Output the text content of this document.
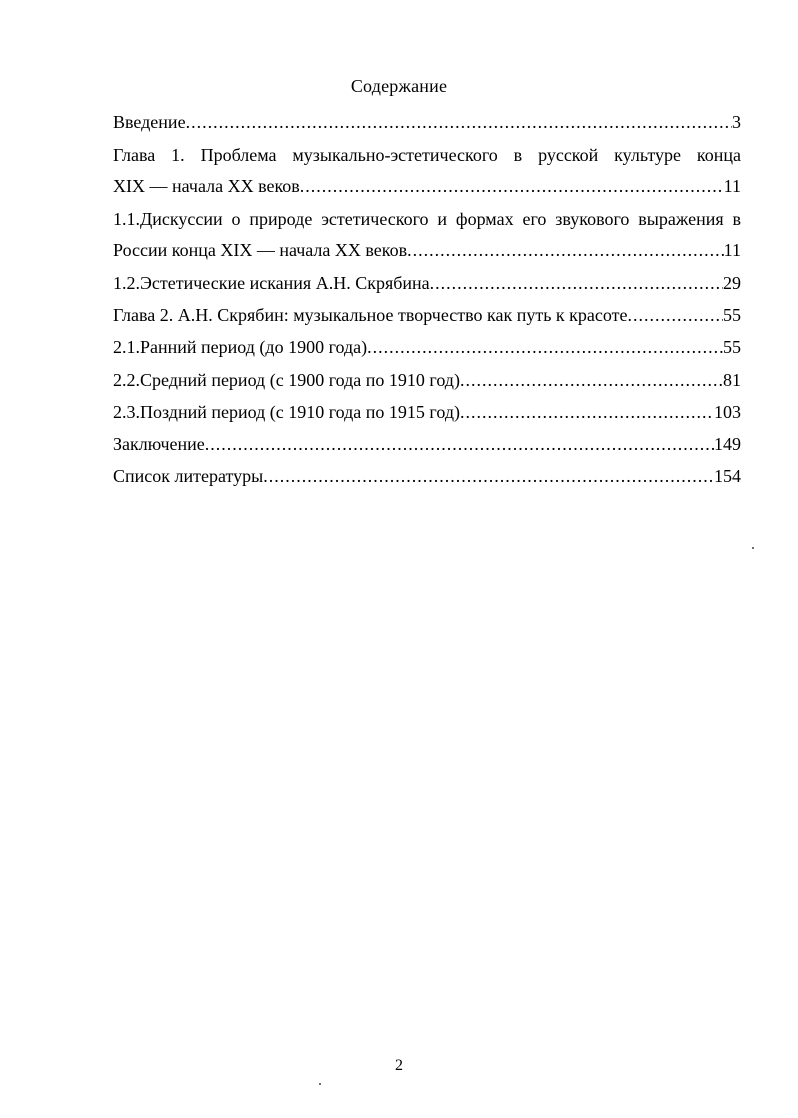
Содержание
Введение .....	3
Глава 1. Проблема музыкально-эстетического в русской культуре конца
XIX — начала XX веков .....	11
1.1.Дискуссии о природе эстетического и формах его звукового выражения в
России конца XIX — начала XX веков .....	11
1.2.Эстетические искания А.Н. Скрябина .....	29
Глава 2. А.Н. Скрябин: музыкальное творчество как путь к красоте .....	55
2.1.Ранний период (до 1900 года) .....	55
2.2.Средний период (с 1900 года по 1910 год) .....	81
2.3.Поздний период (с 1910 года по 1915 год) .....	103
Заключение .....	149
Список литературы .....	154
2
